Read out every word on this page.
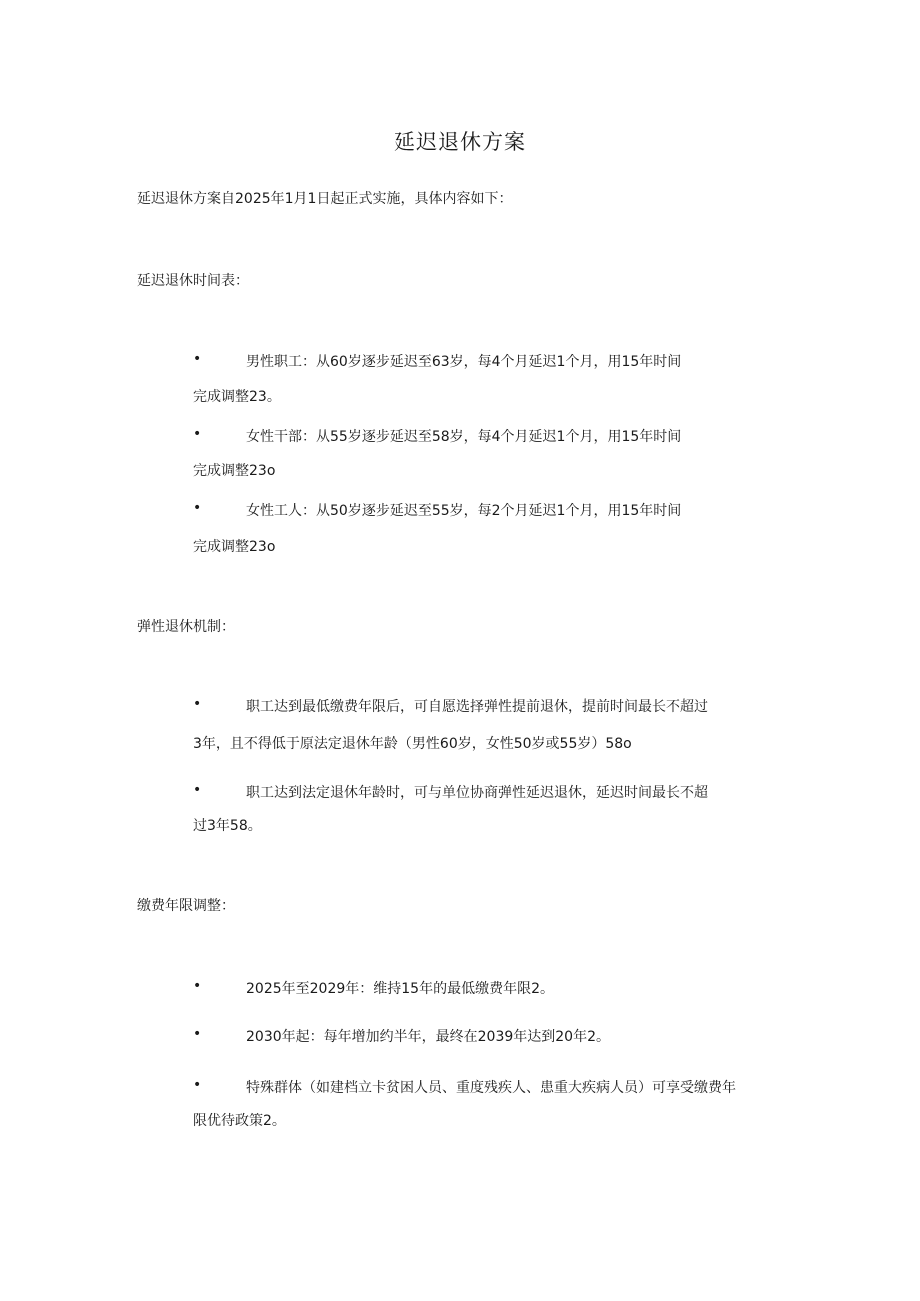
延迟退休方案
延迟退休方案自2025年1月1日起正式实施，具体内容如下：
延迟退休时间表：
•	男性职工：从60岁逐步延迟至63岁，每4个月延迟1个月，用15年时间
完成调整23。
•	女性干部：从55岁逐步延迟至58岁，每4个月延迟1个月，用15年时间
完成调整23o
•	女性工人：从50岁逐步延迟至55岁，每2个月延迟1个月，用15年时间
完成调整23o
弹性退休机制：
•	职工达到最低缴费年限后，可自愿选择弹性提前退休，提前时间最长不超过
3年，且不得低于原法定退休年龄（男性60岁，女性50岁或55岁）58o
•	职工达到法定退休年龄时，可与单位协商弹性延迟退休，延迟时间最长不超
过3年58。
缴费年限调整：
•	2025年至2029年：维持15年的最低缴费年限2。
•	2030年起：每年增加约半年，最终在2039年达到20年2。
•	特殊群体（如建档立卡贫困人员、重度残疾人、患重大疾病人员）可享受缴费年
限优待政策2。
